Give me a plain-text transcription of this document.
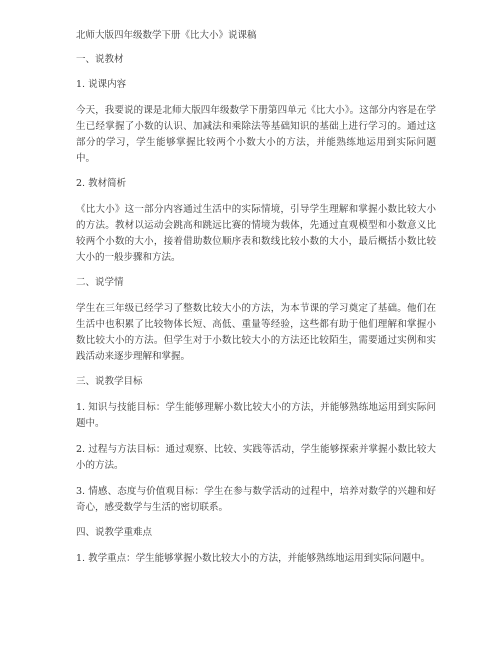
北师大版四年级数学下册《比大小》说课稿
一、说教材
1. 说课内容

今天，我要说的课是北师大版四年级数学下册第四单元《比大小》。这部分内容是在学生已经掌握了小数的认识、加减法和乘除法等基础知识的基础上进行学习的。通过这部分的学习，学生能够掌握比较两个小数大小的方法，并能熟练地运用到实际问题中。

2. 教材简析

《比大小》这一部分内容通过生活中的实际情境，引导学生理解和掌握小数比较大小的方法。教材以运动会跳高和跳远比赛的情境为载体，先通过直观模型和小数意义比较两个小数的大小，接着借助数位顺序表和数线比较小数的大小，最后概括小数比较大小的一般步骤和方法。

二、说学情

学生在三年级已经学习了整数比较大小的方法，为本节课的学习奠定了基础。他们在生活中也积累了比较物体长短、高低、重量等经验，这些都有助于他们理解和掌握小数比较大小的方法。但学生对于小数比较大小的方法还比较陌生，需要通过实例和实践活动来逐步理解和掌握。

三、说教学目标

1. 知识与技能目标：学生能够理解小数比较大小的方法，并能够熟练地运用到实际问题中。

2. 过程与方法目标：通过观察、比较、实践等活动，学生能够探索并掌握小数比较大小的方法。

3. 情感、态度与价值观目标：学生在参与数学活动的过程中，培养对数学的兴趣和好奇心，感受数学与生活的密切联系。

四、说教学重难点

1. 教学重点：学生能够掌握小数比较大小的方法，并能够熟练地运用到实际问题中。
